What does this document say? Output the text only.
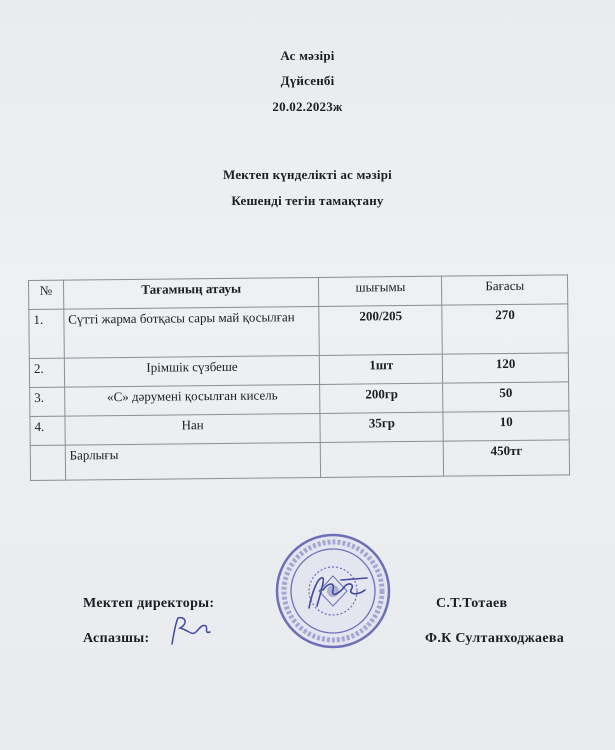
Ас мәзірі
Дүйсенбі
20.02.2023ж
Мектеп күнделікті ас мәзірі
Кешенді тегін тамақтану
№	Тағамның атауы	шығымы	Бағасы
1.	Сүтті жарма ботқасы сары май қосылған	200/205	270
2.	Ірімшік сүзбеше	1шт	120
3.	«С» дәрумені қосылған кисель	200гр	50
4.	Нан	35гр	10
	Барлығы		450тг
Мектеп директоры:	С.Т.Тотаев
Аспазшы:	Ф.К Султанходжаева
